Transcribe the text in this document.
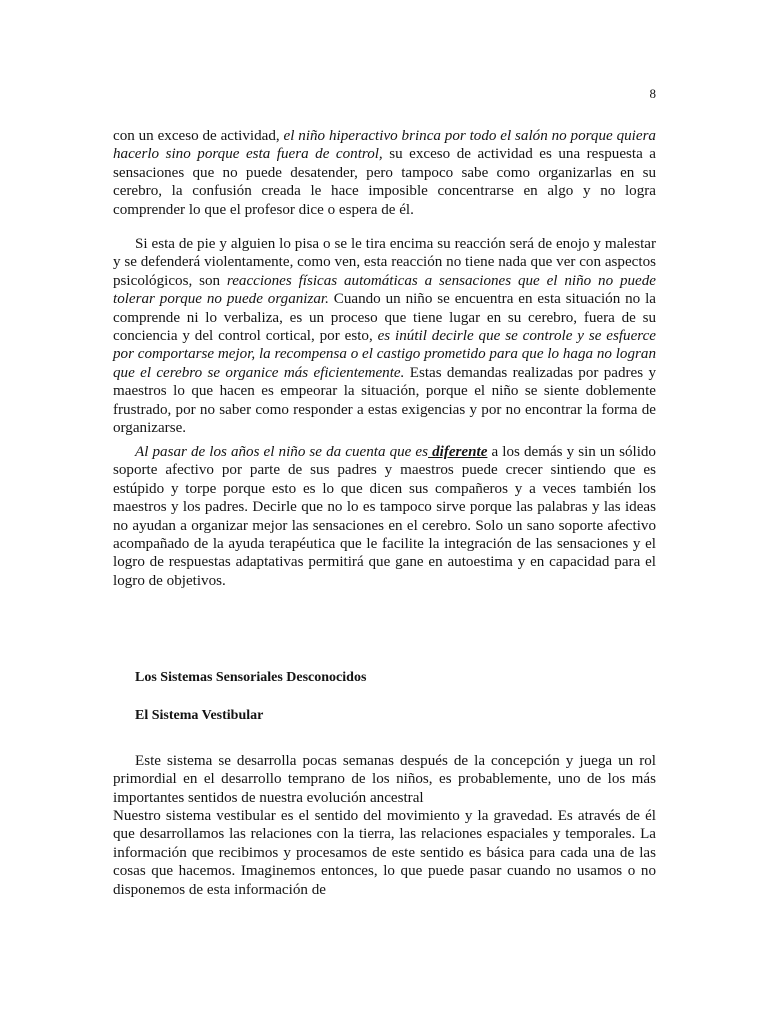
8

con un exceso de actividad, el niño hiperactivo brinca por todo el salón no porque quiera hacerlo sino porque esta fuera de control, su exceso de actividad es una respuesta a sensaciones que no puede desatender, pero tampoco sabe como organizarlas en su cerebro, la confusión creada le hace imposible concentrarse en algo y no logra comprender lo que el profesor dice o espera de él.

Si esta de pie y alguien lo pisa o se le tira encima su reacción será de enojo y malestar y se defenderá violentamente, como ven, esta reacción no tiene nada que ver con aspectos psicológicos, son reacciones físicas automáticas a sensaciones que el niño no puede tolerar porque no puede organizar. Cuando un niño se encuentra en esta situación no la comprende ni lo verbaliza, es un proceso que tiene lugar en su cerebro, fuera de su conciencia y del control cortical, por esto, es inútil decirle que se controle y se esfuerce por comportarse mejor, la recompensa o el castigo prometido para que lo haga no logran que el cerebro se organice más eficientemente. Estas demandas realizadas por padres y maestros lo que hacen es empeorar la situación, porque el niño se siente doblemente frustrado, por no saber como responder a estas exigencias y por no encontrar la forma de organizarse.

Al pasar de los años el niño se da cuenta que es diferente a los demás y sin un sólido soporte afectivo por parte de sus padres y maestros puede crecer sintiendo que es estúpido y torpe porque esto es lo que dicen sus compañeros y a veces también los maestros y los padres. Decirle que no lo es tampoco sirve porque las palabras y las ideas no ayudan a organizar mejor las sensaciones en el cerebro. Solo un sano soporte afectivo acompañado de la ayuda terapéutica que le facilite la integración de las sensaciones y el logro de respuestas adaptativas permitirá que gane en autoestima y en capacidad para el logro de objetivos.

Los Sistemas Sensoriales Desconocidos
El Sistema Vestibular

Este sistema se desarrolla pocas semanas después de la concepción y juega un rol primordial en el desarrollo temprano de los niños, es probablemente, uno de los más importantes sentidos de nuestra evolución ancestral

Nuestro sistema vestibular es el sentido del movimiento y la gravedad. Es através de él que desarrollamos las relaciones con la tierra, las relaciones espaciales y temporales. La información que recibimos y procesamos de este sentido es básica para cada una de las cosas que hacemos. Imaginemos entonces, lo que puede pasar cuando no usamos o no disponemos de esta información de
